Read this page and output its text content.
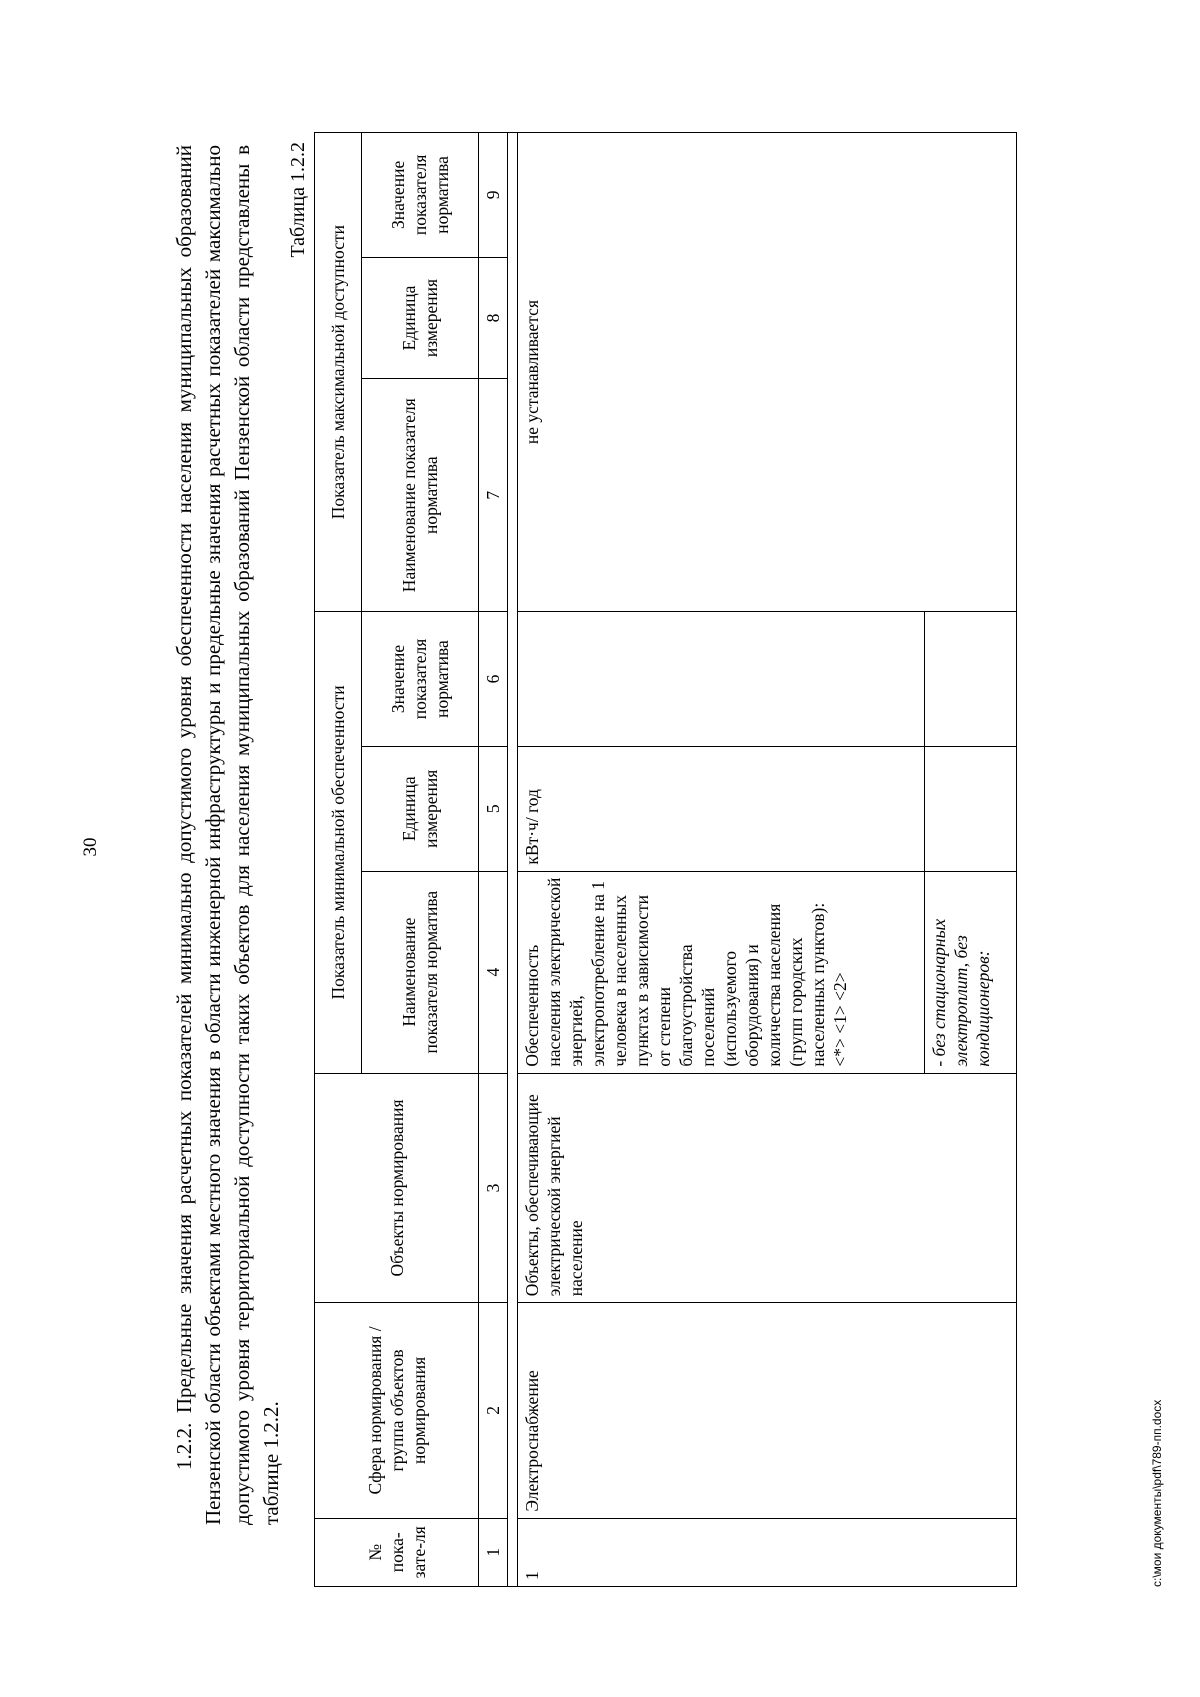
30	1.2.2. Предельные значения расчетных показателей минимально допустимого уровня обеспеченности населения муниципальных образований Пензенской области объектами местного значения в области инженерной инфраструктуры и предельные значения расчетных показателей максимально допустимого уровня территориальной доступности таких объектов для населения муниципальных образований Пензенской области представлены в таблице 1.2.2.
Таблица 1.2.2
№ пока-зате-ля	Сфера нормирования / группа объектов нормирования	Объекты нормирования	Показатель минимальной обеспеченности			Показатель максимальной доступности		
			Наименование показателя норматива	Единица измерения	Значение показателя норматива	Наименование показателя норматива	Единица измерения	Значение показателя норматива
1	2	3	4	5	6	7	8	9

1	Электроснабжение	Объекты, обеспечивающие электрической энергией население	Обеспеченность населения электрической энергией, электропотребление на 1 человека в населенных пунктах в зависимости от степени благоустройства поселений (используемого оборудования) и количества населения (групп городских населенных пунктов): <*> <1> <2>	кВт·ч/ год		не устанавливается		
			- без стационарных электроплит, без кондиционеров:					
c:\мои документы\pdf\789-пп.docx
